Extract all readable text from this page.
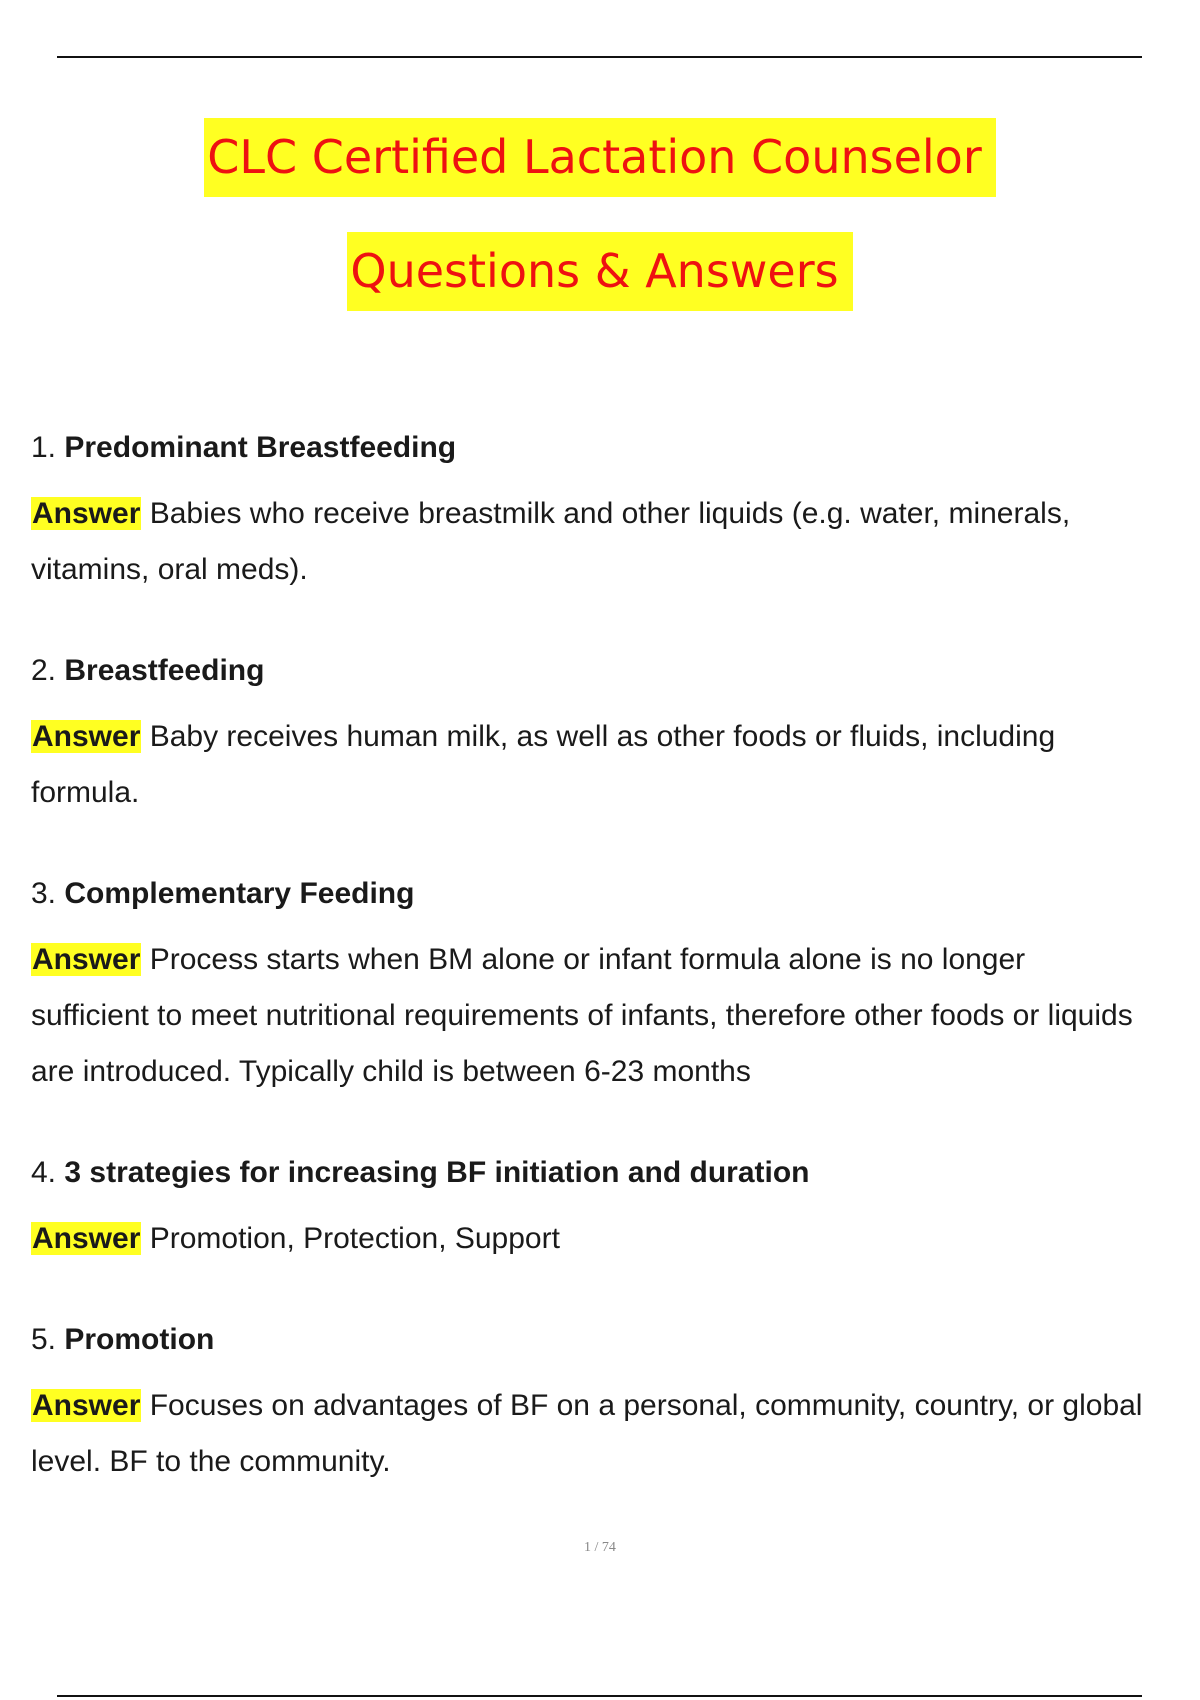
CLC Certified Lactation Counselor
Questions & Answers

1. Predominant Breastfeeding

Answer Babies who receive breastmilk and other liquids (e.g. water, minerals, vitamins, oral meds).

2. Breastfeeding

Answer Baby receives human milk, as well as other foods or fluids, including formula.

3. Complementary Feeding

Answer Process starts when BM alone or infant formula alone is no longer sufficient to meet nutritional requirements of infants, therefore other foods or liquids are introduced. Typically child is between 6-23 months

4. 3 strategies for increasing BF initiation and duration

Answer Promotion, Protection, Support

5. Promotion

Answer Focuses on advantages of BF on a personal, community, country, or global level. BF to the community.

1 / 74
